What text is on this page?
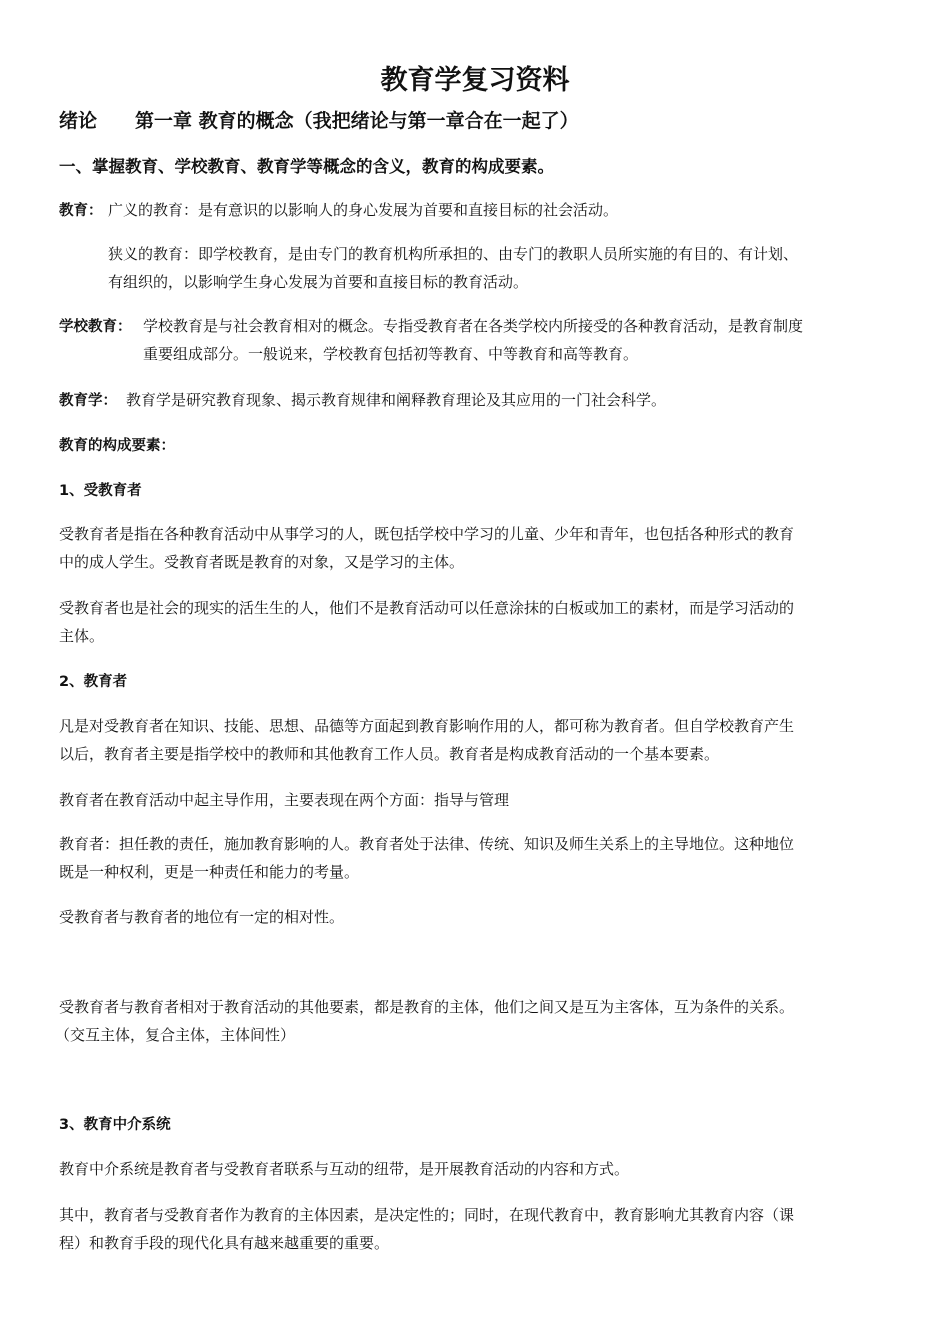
教育学复习资料
绪论 第一章 教育的概念（我把绪论与第一章合在一起了）
一、掌握教育、学校教育、教育学等概念的含义，教育的构成要素。
教育： 广义的教育：是有意识的以影响人的身心发展为首要和直接目标的社会活动。
狭义的教育：即学校教育，是由专门的教育机构所承担的、由专门的教职人员所实施的有目的、有计划、
有组织的，以影响学生身心发展为首要和直接目标的教育活动。
学校教育： 学校教育是与社会教育相对的概念。专指受教育者在各类学校内所接受的各种教育活动，是教育制度
重要组成部分。一般说来，学校教育包括初等教育、中等教育和高等教育。
教育学： 教育学是研究教育现象、揭示教育规律和阐释教育理论及其应用的一门社会科学。
教育的构成要素：
1、受教育者
受教育者是指在各种教育活动中从事学习的人，既包括学校中学习的儿童、少年和青年，也包括各种形式的教育
中的成人学生。受教育者既是教育的对象，又是学习的主体。
受教育者也是社会的现实的活生生的人，他们不是教育活动可以任意涂抹的白板或加工的素材，而是学习活动的
主体。
2、教育者
凡是对受教育者在知识、技能、思想、品德等方面起到教育影响作用的人，都可称为教育者。但自学校教育产生
以后，教育者主要是指学校中的教师和其他教育工作人员。教育者是构成教育活动的一个基本要素。
教育者在教育活动中起主导作用，主要表现在两个方面：指导与管理
教育者：担任教的责任，施加教育影响的人。教育者处于法律、传统、知识及师生关系上的主导地位。这种地位
既是一种权利，更是一种责任和能力的考量。
受教育者与教育者的地位有一定的相对性。
受教育者与教育者相对于教育活动的其他要素，都是教育的主体，他们之间又是互为主客体，互为条件的关系。
（交互主体，复合主体，主体间性）
3、教育中介系统
教育中介系统是教育者与受教育者联系与互动的纽带，是开展教育活动的内容和方式。
其中，教育者与受教育者作为教育的主体因素，是决定性的；同时，在现代教育中，教育影响尤其教育内容（课
程）和教育手段的现代化具有越来越重要的重要。
